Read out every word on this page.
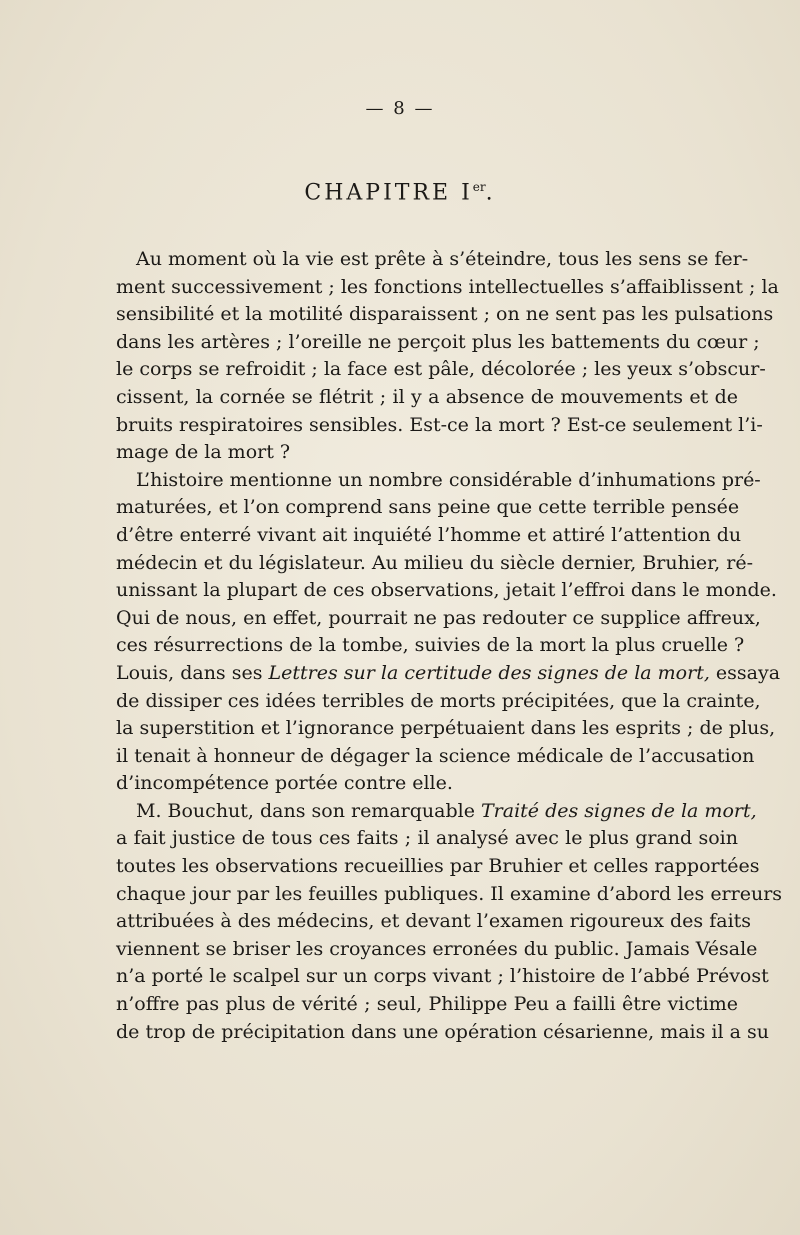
— 8 —
CHAPITRE Ier.
Au moment où la vie est prête à s’éteindre, tous les sens se fer-
ment successivement ; les fonctions intellectuelles s’affaiblissent ; la
sensibilité et la motilité disparaissent ; on ne sent pas les pulsations
dans les artères ; l’oreille ne perçoit plus les battements du cœur ;
le corps se refroidit ; la face est pâle, décolorée ; les yeux s’obscur-
cissent, la cornée se flétrit ; il y a absence de mouvements et de
bruits respiratoires sensibles. Est-ce la mort ? Est-ce seulement l’i-
mage de la mort ?
L’histoire mentionne un nombre considérable d’inhumations pré-
maturées, et l’on comprend sans peine que cette terrible pensée
d’être enterré vivant ait inquiété l’homme et attiré l’attention du
médecin et du législateur. Au milieu du siècle dernier, Bruhier, ré-
unissant la plupart de ces observations, jetait l’effroi dans le monde.
Qui de nous, en effet, pourrait ne pas redouter ce supplice affreux,
ces résurrections de la tombe, suivies de la mort la plus cruelle ?
Louis, dans ses Lettres sur la certitude des signes de la mort, essaya
de dissiper ces idées terribles de morts précipitées, que la crainte,
la superstition et l’ignorance perpétuaient dans les esprits ; de plus,
il tenait à honneur de dégager la science médicale de l’accusation
d’incompétence portée contre elle.
M. Bouchut, dans son remarquable Traité des signes de la mort,
a fait justice de tous ces faits ; il analysé avec le plus grand soin
toutes les observations recueillies par Bruhier et celles rapportées
chaque jour par les feuilles publiques. Il examine d’abord les erreurs
attribuées à des médecins, et devant l’examen rigoureux des faits
viennent se briser les croyances erronées du public. Jamais Vésale
n’a porté le scalpel sur un corps vivant ; l’histoire de l’abbé Prévost
n’offre pas plus de vérité ; seul, Philippe Peu a failli être victime
de trop de précipitation dans une opération césarienne, mais il a su
